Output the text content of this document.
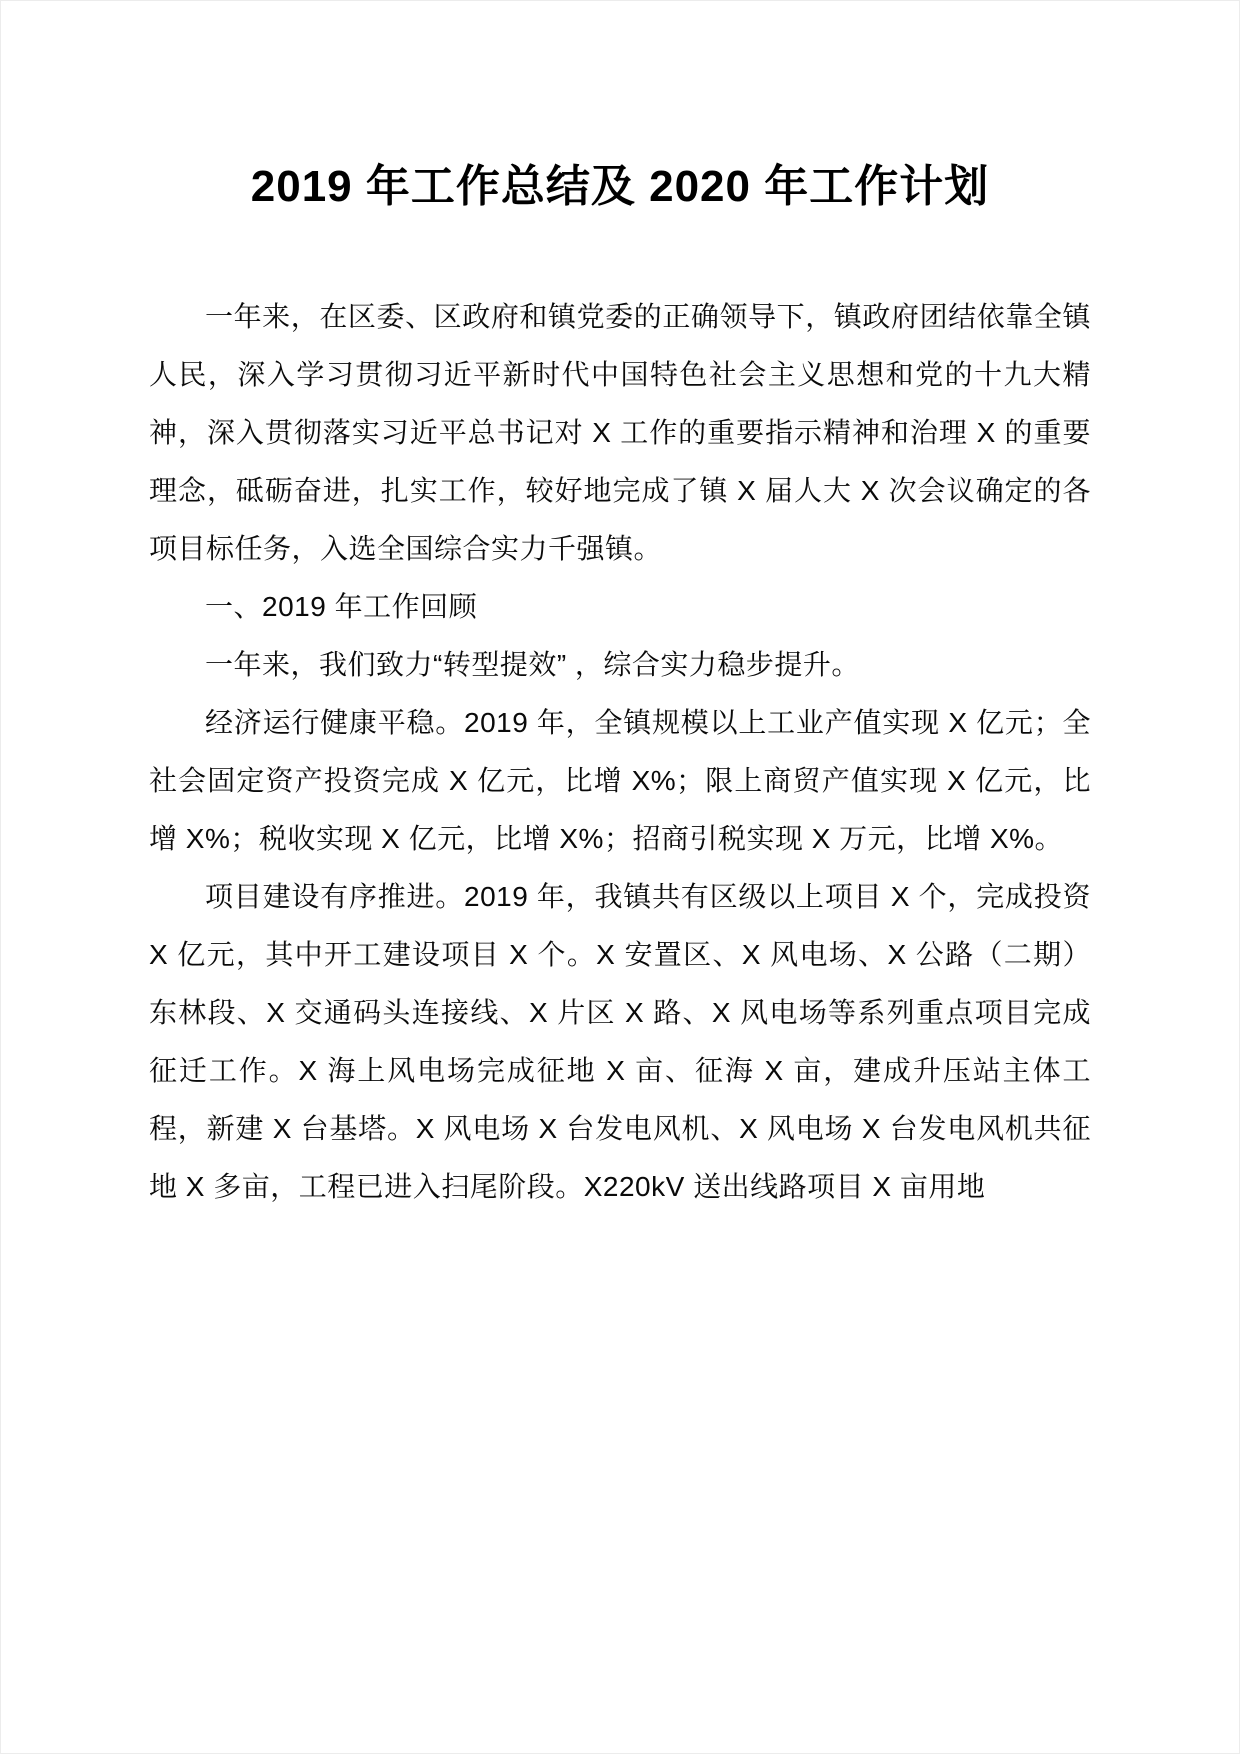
2019 年工作总结及 2020 年工作计划

一年来，在区委、区政府和镇党委的正确领导下，镇政府团结依靠全镇人民，深入学习贯彻习近平新时代中国特色社会主义思想和党的十九大精神，深入贯彻落实习近平总书记对 X 工作的重要指示精神和治理 X 的重要理念，砥砺奋进，扎实工作，较好地完成了镇 X 届人大 X 次会议确定的各项目标任务，入选全国综合实力千强镇。

一、2019 年工作回顾

一年来，我们致力“转型提效” ，综合实力稳步提升。

经济运行健康平稳。2019 年，全镇规模以上工业产值实现 X 亿元；全社会固定资产投资完成 X 亿元，比增 X%；限上商贸产值实现 X 亿元，比增 X%；税收实现 X 亿元，比增 X%；招商引税实现 X 万元，比增 X%。

项目建设有序推进。2019 年，我镇共有区级以上项目 X 个，完成投资 X 亿元，其中开工建设项目 X 个。X 安置区、X 风电场、X 公路（二期）东林段、X 交通码头连接线、X 片区 X 路、X 风电场等系列重点项目完成征迁工作。X 海上风电场完成征地 X 亩、征海 X 亩，建成升压站主体工程，新建 X 台基塔。X 风电场 X 台发电风机、X 风电场 X 台发电风机共征地 X 多亩，工程已进入扫尾阶段。X220kV 送出线路项目 X 亩用地
